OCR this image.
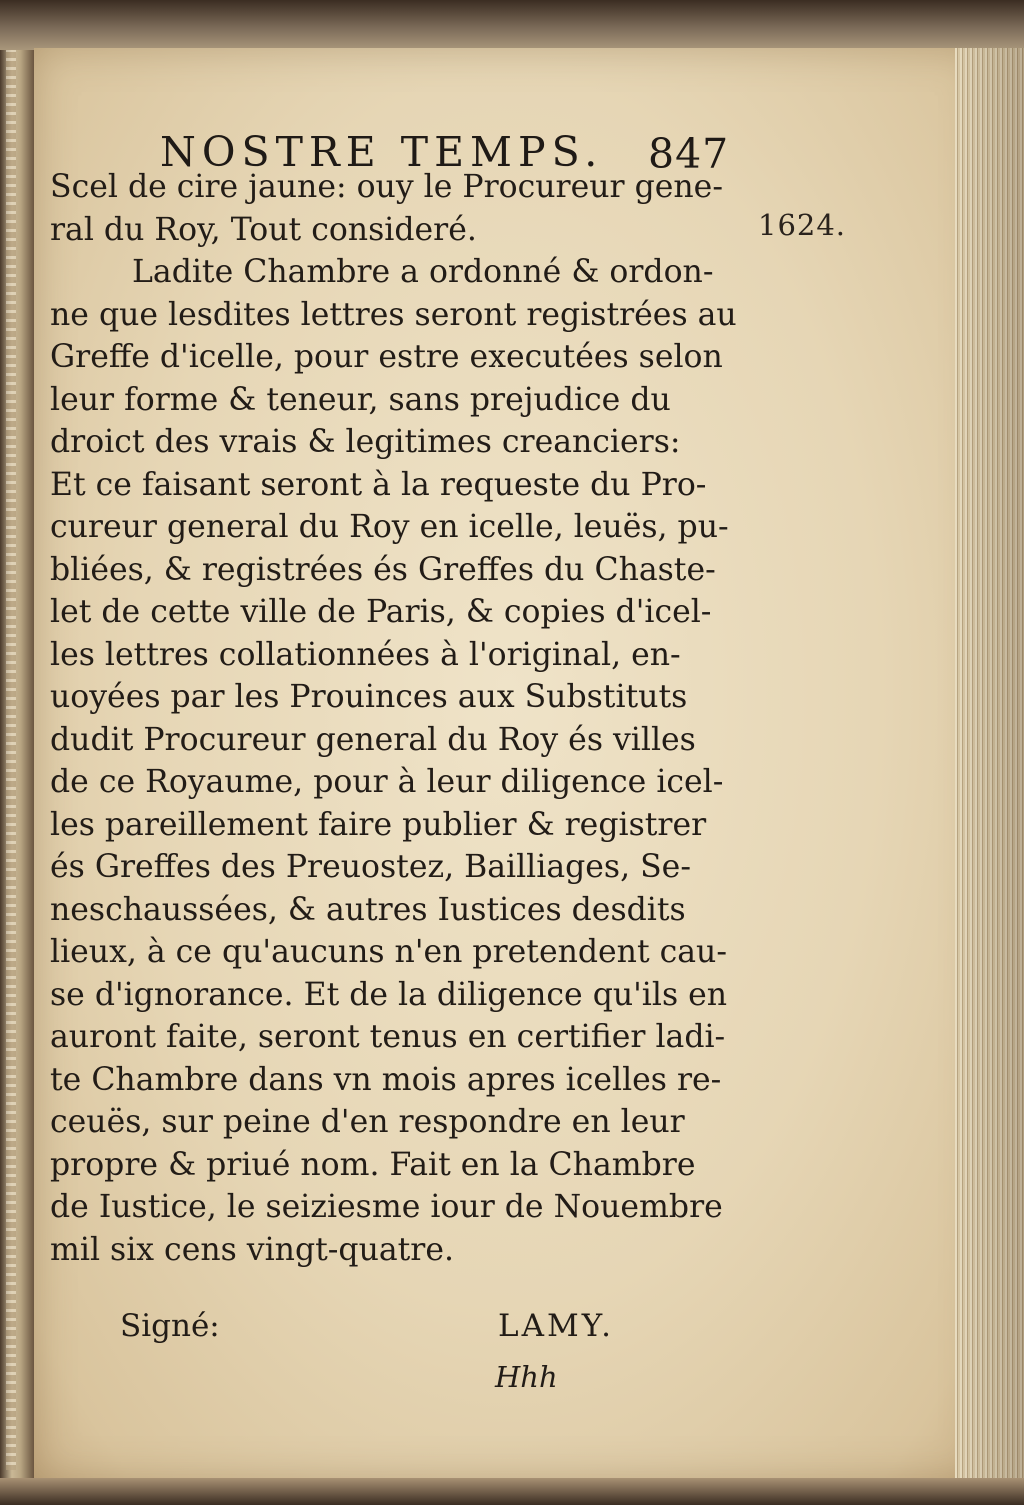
NOSTRE TEMPS. 847
1624.
Scel de cire jaune: ouy le Procureur gene-
ral du Roy, Tout consideré.
Ladite Chambre a ordonné & ordon-
ne que lesdites lettres seront registrées au
Greffe d'icelle, pour estre executées selon
leur forme & teneur, sans prejudice du
droict des vrais & legitimes creanciers:
Et ce faisant seront à la requeste du Pro-
cureur general du Roy en icelle, leuës, pu-
bliées, & registrées és Greffes du Chaste-
let de cette ville de Paris, & copies d'icel-
les lettres collationnées à l'original, en-
uoyées par les Prouinces aux Substituts
dudit Procureur general du Roy és villes
de ce Royaume, pour à leur diligence icel-
les pareillement faire publier & registrer
és Greffes des Preuostez, Bailliages, Se-
neschaussées, & autres Iustices desdits
lieux, à ce qu'aucuns n'en pretendent cau-
se d'ignorance. Et de la diligence qu'ils en
auront faite, seront tenus en certifier ladi-
te Chambre dans vn mois apres icelles re-
ceuës, sur peine d'en respondre en leur
propre & priué nom. Fait en la Chambre
de Iustice, le seiziesme iour de Nouembre
mil six cens vingt-quatre.
Signé:	LAMY.
Hhh
